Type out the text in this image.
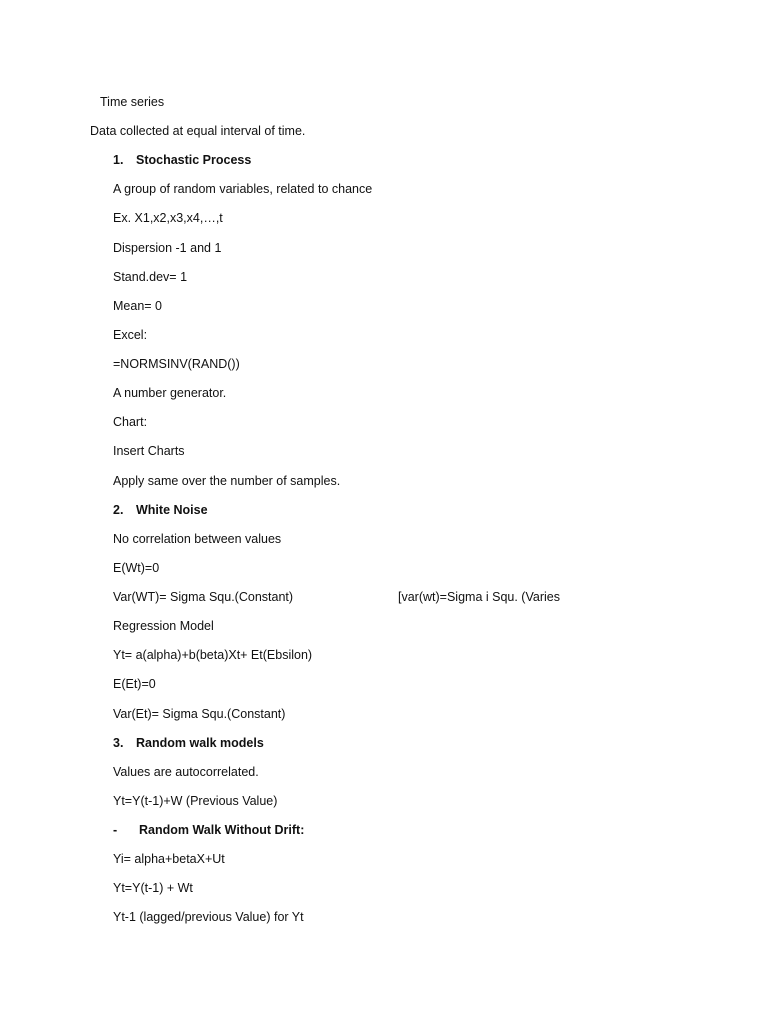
Time series
Data collected at equal interval of time.
1. Stochastic Process
A group of random variables, related to chance
Ex. X1,x2,x3,x4,…,t
Dispersion -1 and 1
Stand.dev= 1
Mean= 0
Excel:
=NORMSINV(RAND())
A number generator.
Chart:
Insert Charts
Apply same over the number of samples.
2. White Noise
No correlation between values
E(Wt)=0
Var(WT)= Sigma Squ.(Constant)	[var(wt)=Sigma i Squ. (Varies
Regression Model
Yt= a(alpha)+b(beta)Xt+ Et(Ebsilon)
E(Et)=0
Var(Et)= Sigma Squ.(Constant)
3. Random walk models
Values are autocorrelated.
Yt=Y(t-1)+W (Previous Value)
- Random Walk Without Drift:
Yi= alpha+betaX+Ut
Yt=Y(t-1) + Wt
Yt-1 (lagged/previous Value) for Yt
